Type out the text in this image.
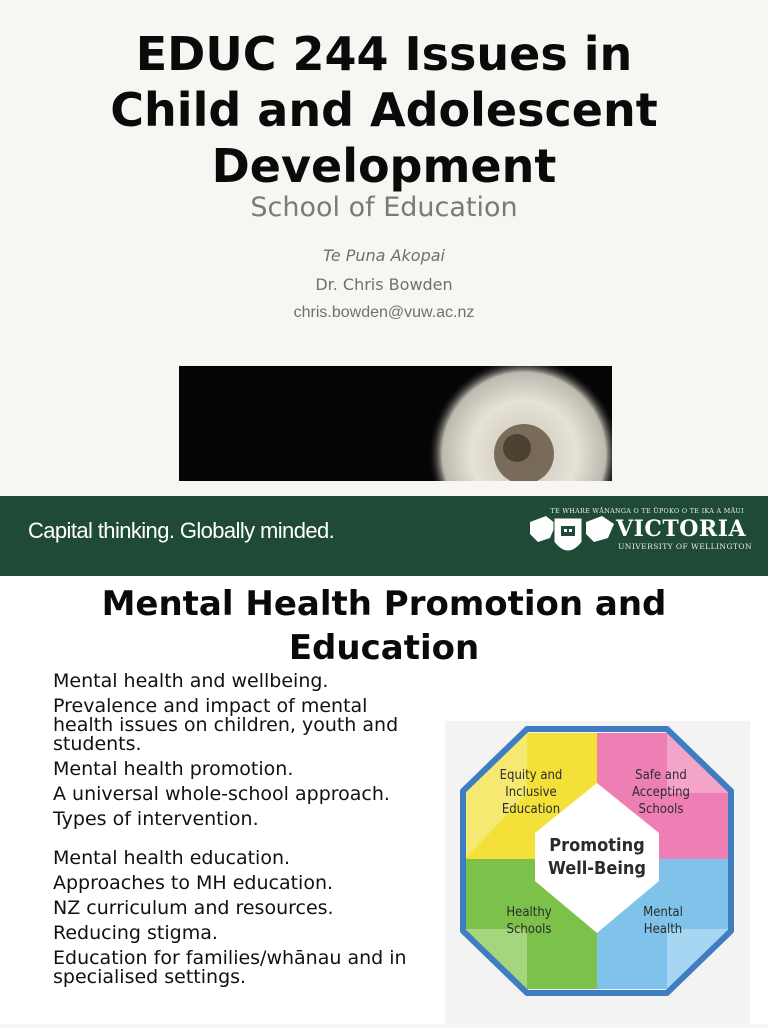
EDUC 244 Issues in
Child and Adolescent
Development
School of Education
Te Puna Akopai
Dr. Chris Bowden
chris.bowden@vuw.ac.nz
Capital thinking. Globally minded.
TE WHARE WĀNANGA O TE ŪPOKO O TE IKA A MĀUI
VICTORIA
UNIVERSITY OF WELLINGTON
Mental Health Promotion and
Education
Mental health and wellbeing.
Prevalence and impact of mental health issues on children, youth and students.
Mental health promotion.
A universal whole-school approach.
Types of intervention.
Mental health education.
Approaches to MH education.
NZ curriculum and resources.
Reducing stigma.
Education for families/whānau and in specialised settings.
Promoting
Well-Being
Equity and
Inclusive
Education
Safe and
Accepting
Schools
Healthy
Schools
Mental
Health
